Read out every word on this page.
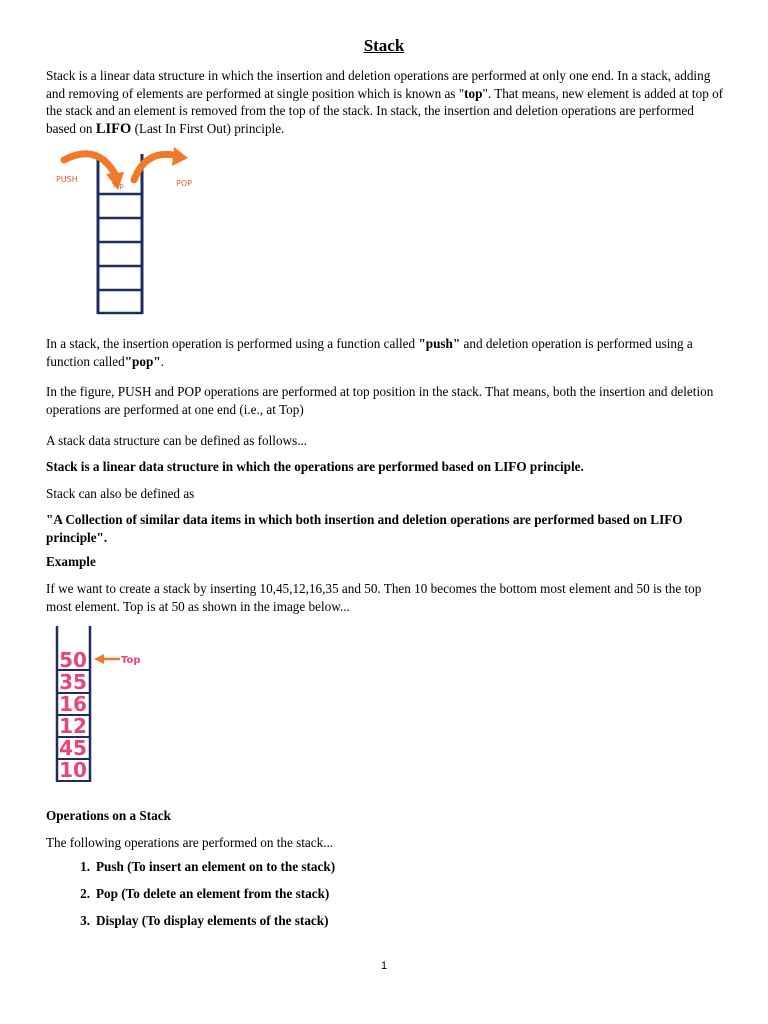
Stack
Stack is a linear data structure in which the insertion and deletion operations are performed at only one end. In a stack, adding and removing of elements are performed at single position which is known as "top". That means, new element is added at top of the stack and an element is removed from the top of the stack. In stack, the insertion and deletion operations are performed based on LIFO (Last In First Out) principle.
PUSH
Top	POP
In a stack, the insertion operation is performed using a function called "push" and deletion operation is performed using a function called"pop".
In the figure, PUSH and POP operations are performed at top position in the stack. That means, both the insertion and deletion operations are performed at one end (i.e., at Top)
A stack data structure can be defined as follows...
Stack is a linear data structure in which the operations are performed based on LIFO principle.
Stack can also be defined as
"A Collection of similar data items in which both insertion and deletion operations are performed based on LIFO principle".
Example
If we want to create a stack by inserting 10,45,12,16,35 and 50. Then 10 becomes the bottom most element and 50 is the top most element. Top is at 50 as shown in the image below...
50
35
16
12
45
10
Top
Operations on a Stack
The following operations are performed on the stack...
1. Push (To insert an element on to the stack)
2. Pop (To delete an element from the stack)
3. Display (To display elements of the stack)
1
